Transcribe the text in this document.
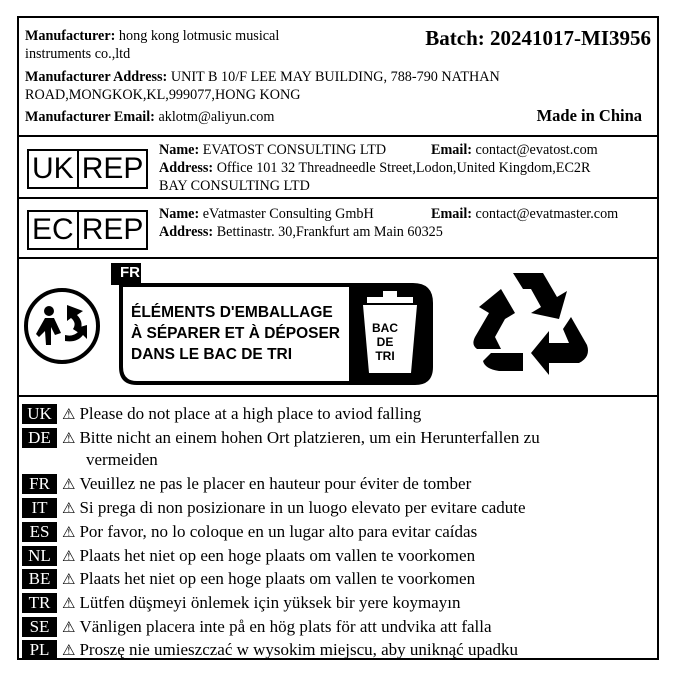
Manufacturer: hong kong lotmusic musical
instruments co.,ltd
Batch: 20241017-MI3956
Manufacturer Address: UNIT B 10/F LEE MAY BUILDING, 788-790 NATHAN
ROAD,MONGKOK,KL,999077,HONG KONG
Manufacturer Email: aklotm@aliyun.com	Made in China
UK REP
Name: EVATOST CONSULTING LTD	Email: contact@evatost.com
Address: Office 101 32 Threadneedle Street,Lodon,United Kingdom,EC2R
BAY CONSULTING LTD
EC REP	Name: eVatmaster Consulting GmbH	Email: contact@evatmaster.com
Address: Bettinastr. 30,Frankfurt am Main 60325
FR
ÉLÉMENTS D'EMBALLAGE
À SÉPARER ET À DÉPOSER
DANS LE BAC DE TRI
BAC
DE
TRI
UK ⚠ Please do not place at a high place to aviod falling
DE ⚠ Bitte nicht an einem hohen Ort platzieren, um ein Herunterfallen zu
vermeiden
FR ⚠ Veuillez ne pas le placer en hauteur pour éviter de tomber
IT ⚠ Si prega di non posizionare in un luogo elevato per evitare cadute
ES ⚠ Por favor, no lo coloque en un lugar alto para evitar caídas
NL ⚠ Plaats het niet op een hoge plaats om vallen te voorkomen
BE ⚠ Plaats het niet op een hoge plaats om vallen te voorkomen
TR ⚠ Lütfen düşmeyi önlemek için yüksek bir yere koymayın
SE ⚠ Vänligen placera inte på en hög plats för att undvika att falla
PL ⚠ Proszę nie umieszczać w wysokim miejscu, aby uniknąć upadku
